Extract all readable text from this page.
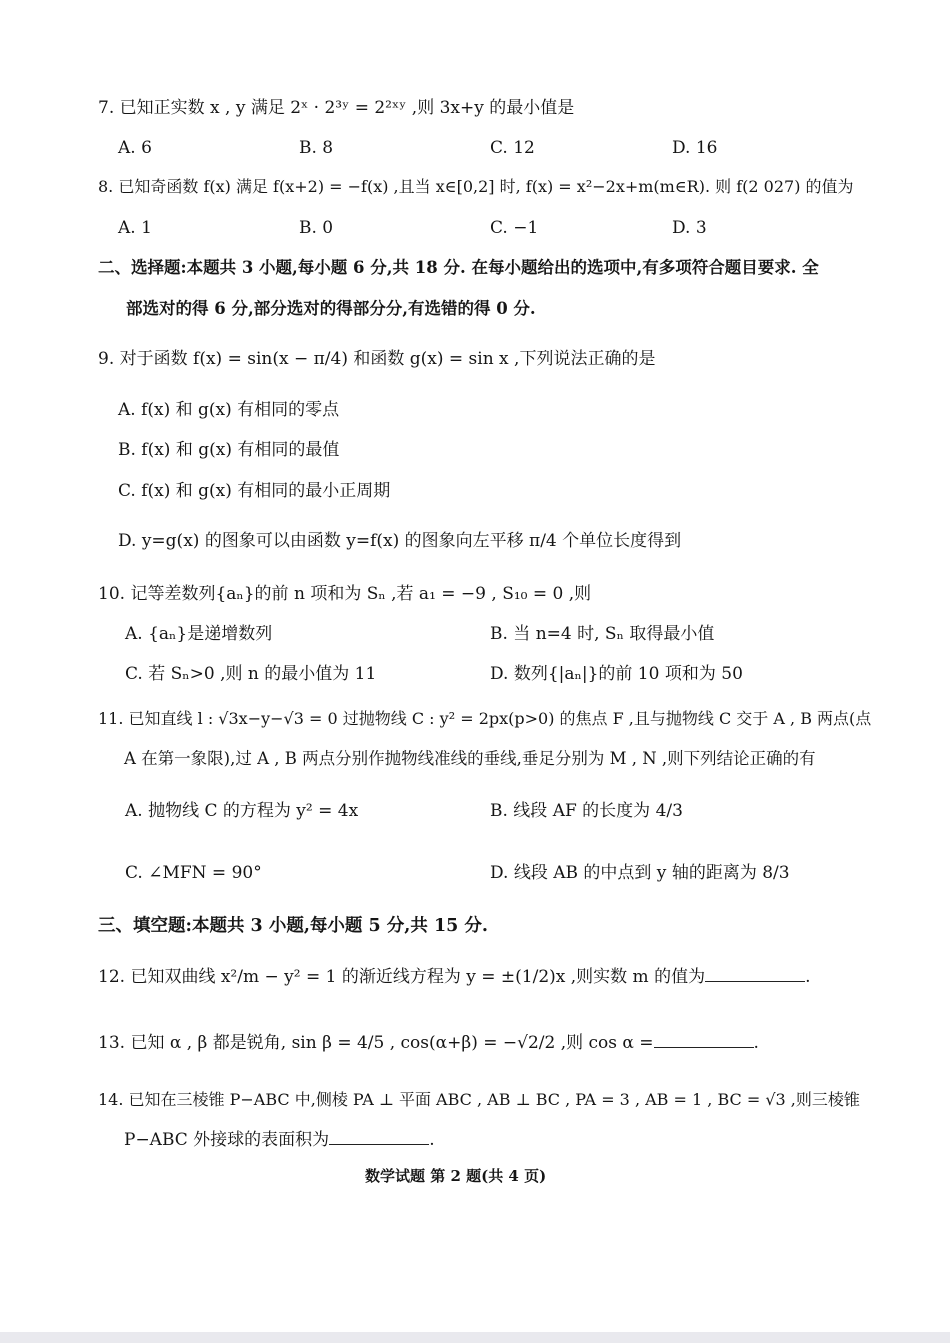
7. 已知正实数 x , y 满足 2ˣ · 2³ʸ = 2²ˣʸ ,则 3x+y 的最小值是
A. 6	B. 8	C. 12	D. 16
8. 已知奇函数 f(x) 满足 f(x+2) = −f(x) ,且当 x∈[0,2] 时, f(x) = x²−2x+m(m∈R). 则 f(2 027) 的值为
A. 1	B. 0	C. −1	D. 3
二、选择题:本题共 3 小题,每小题 6 分,共 18 分. 在每小题给出的选项中,有多项符合题目要求. 全
部选对的得 6 分,部分选对的得部分分,有选错的得 0 分.
9. 对于函数 f(x) = sin(x − π/4) 和函数 g(x) = sin x ,下列说法正确的是
A. f(x) 和 g(x) 有相同的零点
B. f(x) 和 g(x) 有相同的最值
C. f(x) 和 g(x) 有相同的最小正周期
D. y=g(x) 的图象可以由函数 y=f(x) 的图象向左平移 π/4 个单位长度得到
10. 记等差数列{aₙ}的前 n 项和为 Sₙ ,若 a₁ = −9 , S₁₀ = 0 ,则
A. {aₙ}是递增数列	B. 当 n=4 时, Sₙ 取得最小值
C. 若 Sₙ>0 ,则 n 的最小值为 11	D. 数列{|aₙ|}的前 10 项和为 50
11. 已知直线 l : √3x−y−√3 = 0 过抛物线 C : y² = 2px(p>0) 的焦点 F ,且与抛物线 C 交于 A , B 两点(点
A 在第一象限),过 A , B 两点分别作抛物线准线的垂线,垂足分别为 M , N ,则下列结论正确的有
A. 抛物线 C 的方程为 y² = 4x	B. 线段 AF 的长度为 4/3
C. ∠MFN = 90°	D. 线段 AB 的中点到 y 轴的距离为 8/3
三、填空题:本题共 3 小题,每小题 5 分,共 15 分.
12. 已知双曲线 x²/m − y² = 1 的渐近线方程为 y = ±(1/2)x ,则实数 m 的值为	.
13. 已知 α , β 都是锐角, sin β = 4/5 , cos(α+β) = −√2/2 ,则 cos α =	.
14. 已知在三棱锥 P−ABC 中,侧棱 PA ⊥ 平面 ABC , AB ⊥ BC , PA = 3 , AB = 1 , BC = √3 ,则三棱锥
P−ABC 外接球的表面积为	.
数学试题 第 2 题(共 4 页)
